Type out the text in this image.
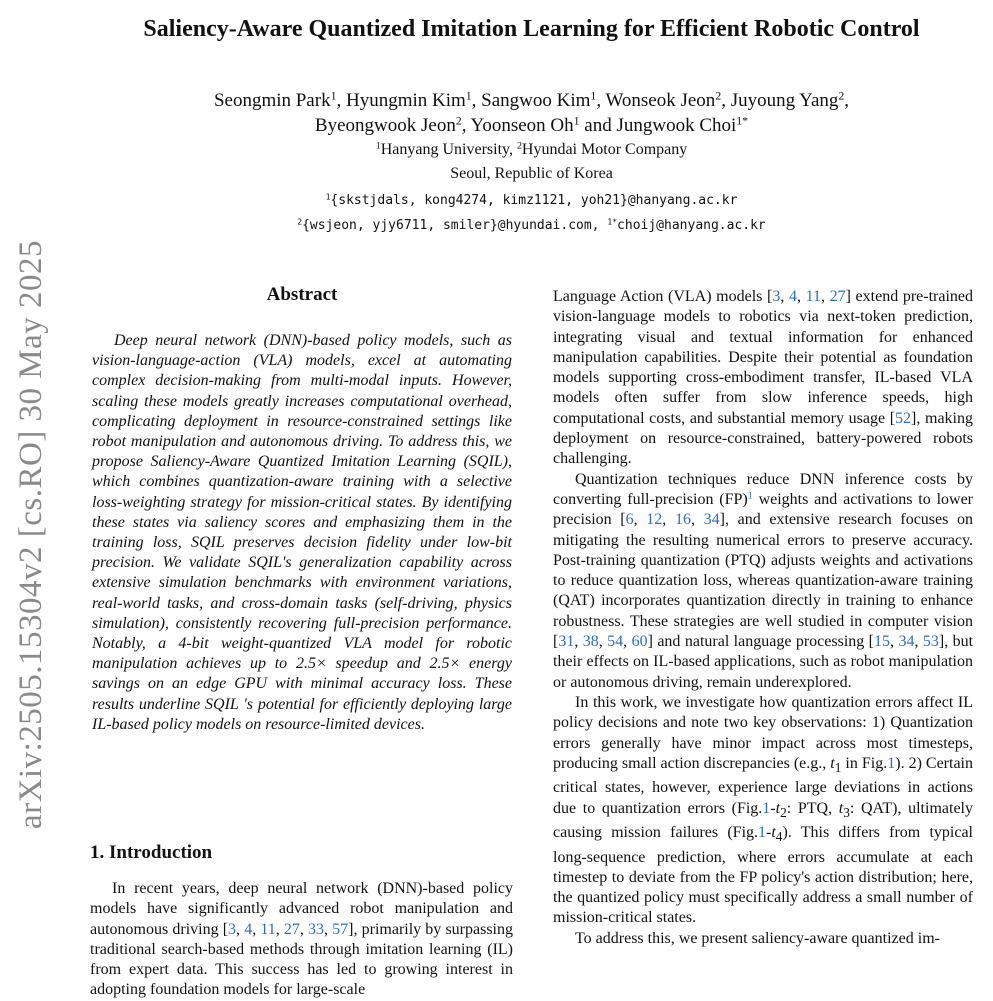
arXiv:2505.15304v2 [cs.RO] 30 May 2025
Saliency-Aware Quantized Imitation Learning for Efficient Robotic Control
Seongmin Park$^1$, Hyungmin Kim$^1$, Sangwoo Kim$^1$, Wonseok Jeon$^2$, Juyoung Yang$^2$,
Byeongwook Jeon$^2$, Yoonseon Oh$^1$ and Jungwook Choi$^{1*}$
$^1$Hanyang University, $^2$Hyundai Motor Company
Seoul, Republic of Korea
$^1${skstjdals, kong4274, kimz1121, yoh21}@hanyang.ac.kr
$^2${wsjeon, yjy6711, smiler}@hyundai.com, $^{1*}$choij@hanyang.ac.kr
Abstract
Deep neural network (DNN)-based policy models, such as vision-language-action (VLA) models, excel at automating complex decision-making from multi-modal inputs. However, scaling these models greatly increases computational overhead, complicating deployment in resource-constrained settings like robot manipulation and autonomous driving. To address this, we propose Saliency-Aware Quantized Imitation Learning (SQIL), which combines quantization-aware training with a selective loss-weighting strategy for mission-critical states. By identifying these states via saliency scores and emphasizing them in the training loss, SQIL preserves decision fidelity under low-bit precision. We validate SQIL's generalization capability across extensive simulation benchmarks with environment variations, real-world tasks, and cross-domain tasks (self-driving, physics simulation), consistently recovering full-precision performance. Notably, a 4-bit weight-quantized VLA model for robotic manipulation achieves up to 2.5× speedup and 2.5× energy savings on an edge GPU with minimal accuracy loss. These results underline SQIL 's potential for efficiently deploying large IL-based policy models on resource-limited devices.
1. Introduction
In recent years, deep neural network (DNN)-based policy models have significantly advanced robot manipulation and autonomous driving [3, 4, 11, 27, 33, 57], primarily by surpassing traditional search-based methods through imitation learning (IL) from expert data. This success has led to growing interest in adopting foundation models for large-scale

Language Action (VLA) models [3, 4, 11, 27] extend pre-trained vision-language models to robotics via next-token prediction, integrating visual and textual information for enhanced manipulation capabilities. Despite their potential as foundation models supporting cross-embodiment transfer, IL-based VLA models often suffer from slow inference speeds, high computational costs, and substantial memory usage [52], making deployment on resource-constrained, battery-powered robots challenging.

Quantization techniques reduce DNN inference costs by converting full-precision (FP)$^1$ weights and activations to lower precision [6, 12, 16, 34], and extensive research focuses on mitigating the resulting numerical errors to preserve accuracy. Post-training quantization (PTQ) adjusts weights and activations to reduce quantization loss, whereas quantization-aware training (QAT) incorporates quantization directly in training to enhance robustness. These strategies are well studied in computer vision [31, 38, 54, 60] and natural language processing [15, 34, 53], but their effects on IL-based applications, such as robot manipulation or autonomous driving, remain underexplored.

In this work, we investigate how quantization errors affect IL policy decisions and note two key observations: 1) Quantization errors generally have minor impact across most timesteps, producing small action discrepancies (e.g., $t_1$ in Fig.1). 2) Certain critical states, however, experience large deviations in actions due to quantization errors ($Fig.1-t_2$: PTQ, $t_3$: QAT), ultimately causing mission failures $(Fig.1-t_4)$. This differs from typical long-sequence prediction, where errors accumulate at each timestep to deviate from the FP policy's action distribution; here, the quantized policy must specifically address a small number of mission-critical states.

To address this, we present saliency-aware quantized im-
